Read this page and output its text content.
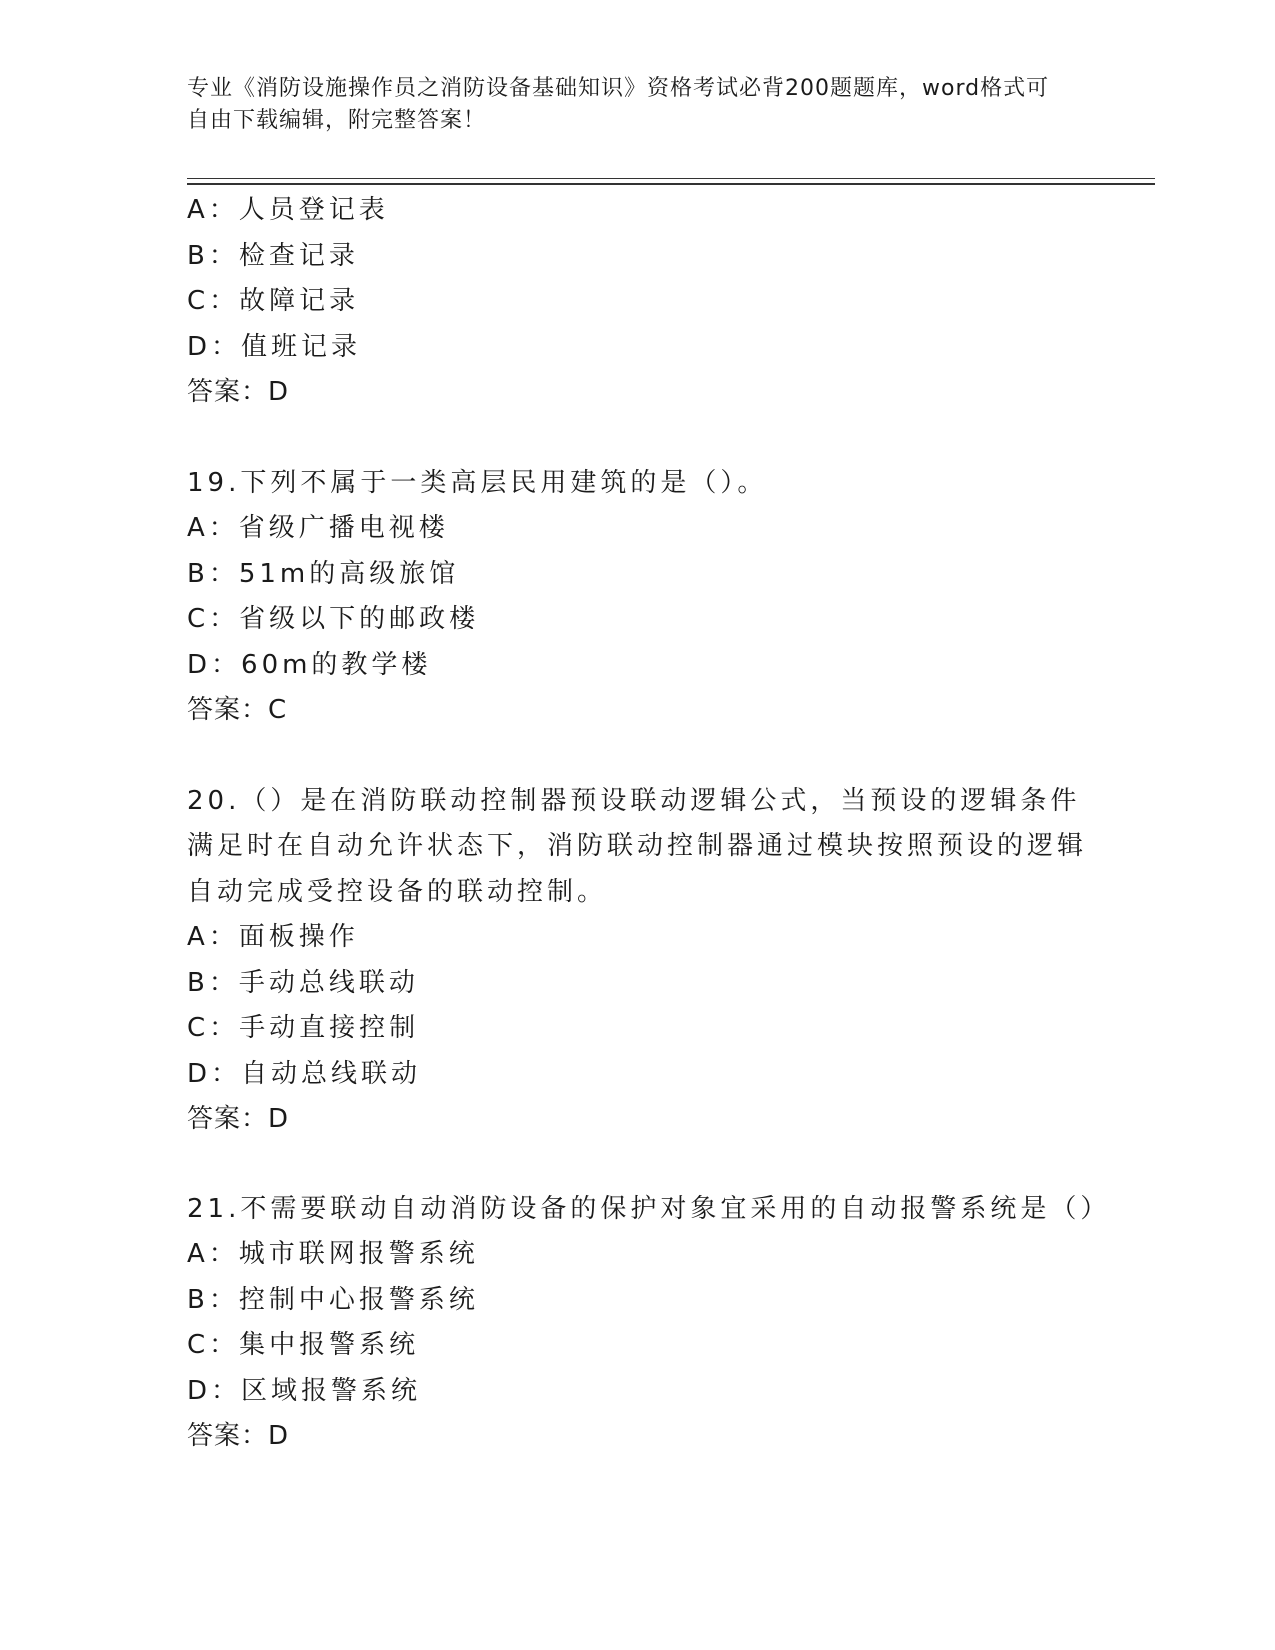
专业《消防设施操作员之消防设备基础知识》资格考试必背200题题库，word格式可自由下载编辑，附完整答案！
A：人员登记表
B：检查记录
C：故障记录
D：值班记录
答案：D
19.下列不属于一类高层民用建筑的是（）。
A：省级广播电视楼
B：51m的高级旅馆
C：省级以下的邮政楼
D：60m的教学楼
答案：C
20.（）是在消防联动控制器预设联动逻辑公式，当预设的逻辑条件满足时在自动允许状态下，消防联动控制器通过模块按照预设的逻辑自动完成受控设备的联动控制。
A：面板操作
B：手动总线联动
C：手动直接控制
D：自动总线联动
答案：D
21.不需要联动自动消防设备的保护对象宜采用的自动报警系统是（）
A：城市联网报警系统
B：控制中心报警系统
C：集中报警系统
D：区域报警系统
答案：D
